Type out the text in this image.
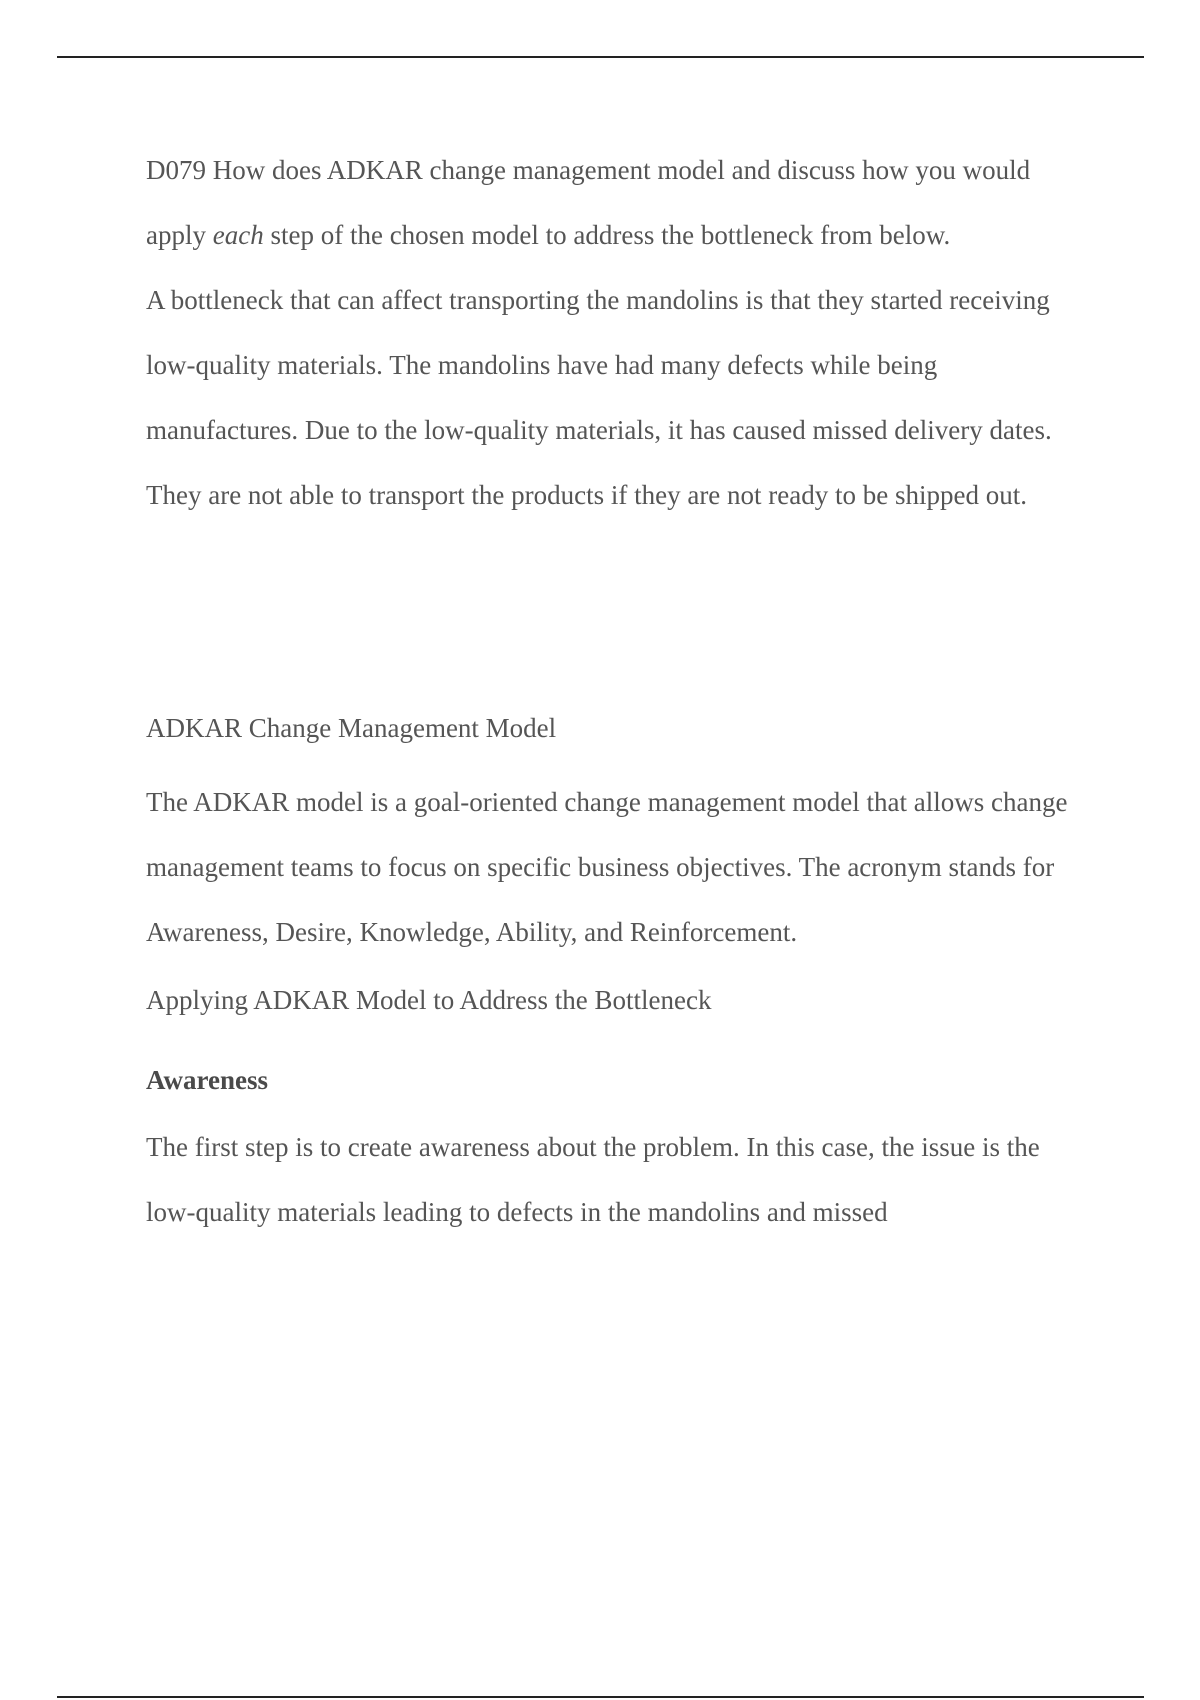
D079 How does ADKAR change management model and discuss how you would apply each step of the chosen model to address the bottleneck from below.

A bottleneck that can affect transporting the mandolins is that they started receiving low-quality materials. The mandolins have had many defects while being manufactures. Due to the low-quality materials, it has caused missed delivery dates. They are not able to transport the products if they are not ready to be shipped out.

ADKAR Change Management Model

The ADKAR model is a goal-oriented change management model that allows change management teams to focus on specific business objectives. The acronym stands for Awareness, Desire, Knowledge, Ability, and Reinforcement.

Applying ADKAR Model to Address the Bottleneck

Awareness

The first step is to create awareness about the problem. In this case, the issue is the low-quality materials leading to defects in the mandolins and missed
